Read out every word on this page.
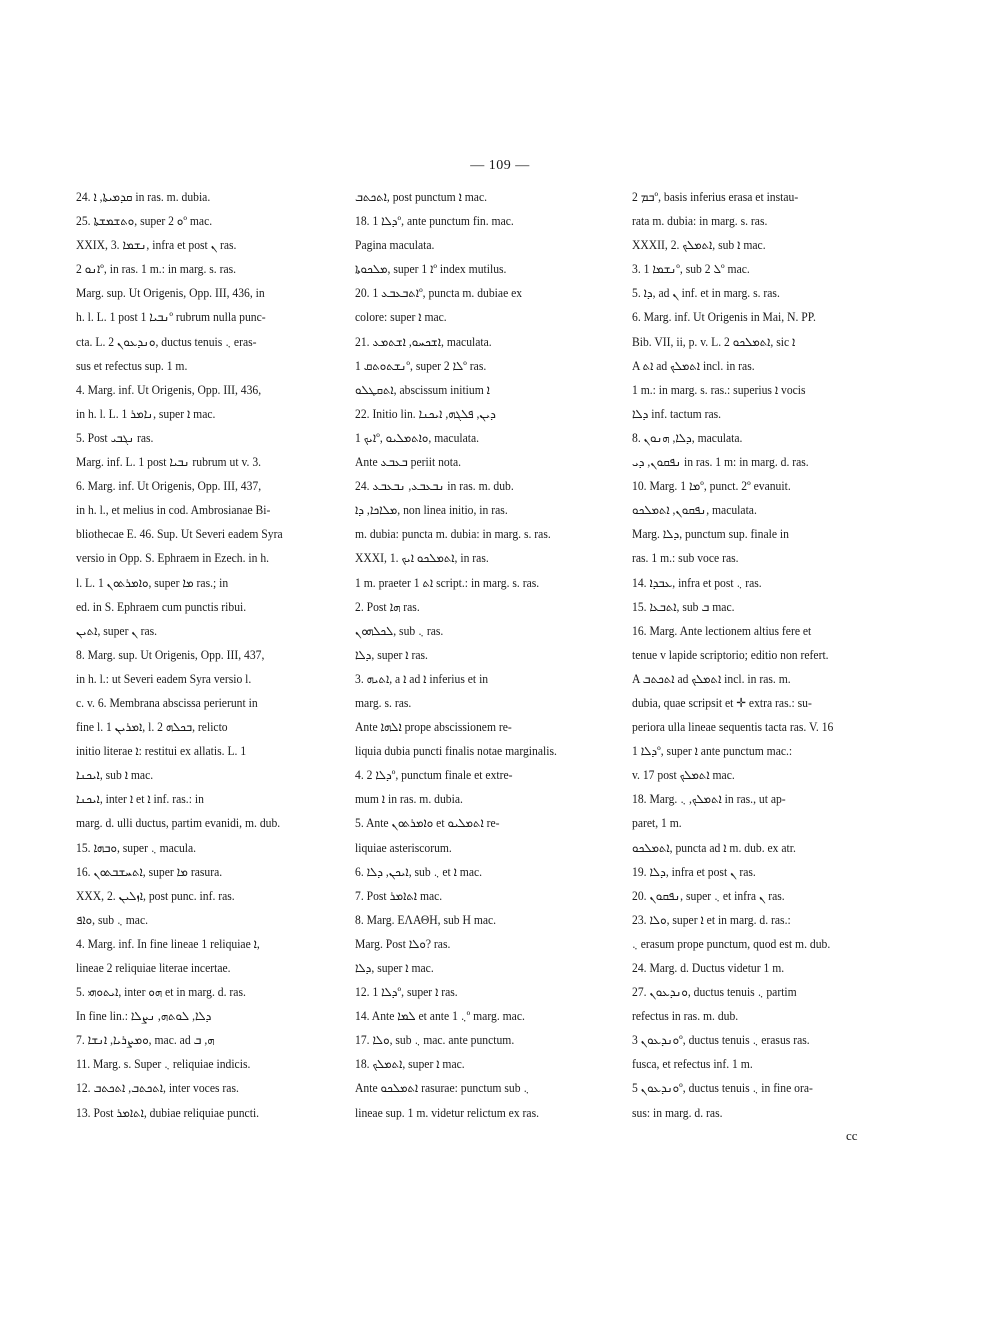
— 109 —
24. ܩܕܡܝܬܐ, ܐ in ras. m. dubia.
25. ܘܬܫܡܫܬܐ, super ܘ 2º mac.
XXIX, 3. ܢܫܡܐ, infra et post ܢ ras.
ܐܢܘ 2º, in ras. 1 m.: in marg. s. ras.
Marg. sup. Ut Origenis, Opp. III, 436, in
h. l. L. 1 post ܢܒܝܐ 1º rubrum nulla punc-
cta. L. 2 ܘܢܕܥܘܢ, ductus tenuis ܆ eras-
sus et refectus sup. 1 m.
4. Marg. inf. Ut Origenis, Opp. III, 436,
in h. l. L. 1 ܢܐܡܪ, super ܐ mac.
5. Post ܢܓܒܝ ras.
Marg. inf. L. 1 post ܢܒܝܐ rubrum ut v. 3.
6. Marg. inf. Ut Origenis, Opp. III, 437,
in h. l., et melius in cod. Ambrosianae Bi-
bliothecae E. 46. Sup. Ut Severi eadem Syra
versio in Opp. S. Ephraem in Ezech. in h.
l. L. 1 ܘܐܡܪܬܘܢ, super ܡܐ ras.; in
ed. in S. Ephraem cum punctis ribui.
ܐܬܝܢ, super ܢ ras.
8. Marg. sup. Ut Origenis, Opp. III, 437,
in h. l.: ut Severi eadem Syra versio l.
c. v. 6. Membrana abscissa perierunt in
fine l. 1 ܐܡܪܝܢ, l. 2 ܒܟܠܗ, relicto
initio literae ܐ: restitui ex allatis. L. 1
ܐܝܟܢܐ, sub ܐ mac.
ܐܝܟܢܐ, inter ܐ et ܐ inf. ras.: in
marg. d. ulli ductus, partim evanidi, m. dub.
15. ܘܒܗܐ, super ܆ macula.
16. ܐܬܚܫܒܬܘܢ, super ܡܐ rasura.
XXX, 2. ܐܙܠܝܢ, post punc. inf. ras.
ܘܐܦ, sub ܆ mac.
4. Marg. inf. In fine lineae 1 reliquiae ܐ,
lineae 2 reliquiae literae incertae.
5. ܐܝܬܘܗܝ, inter ܗܘ et in marg. d. ras.
In fine lin.: ܕܠܐ, ܠܘܬܗ, ܢܨܠܐ
7. ܘܡܨܪܝܐ, ܐܢܫܐ, mac. ad ܗ, ܒ
11. Marg. s. Super ܆ reliquiae indicis.
12. ܐܬܟܬܒ, ܐܬܟܬܒ, inter voces ras.
13. Post ܐܬܐܡܪ, dubiae reliquiae puncti.
ܐܬܟܬܒ, post punctum ܐ mac.
18. ܕܠܐ 1º, ante punctum fin. mac.
Pagina maculata.
ܡܠܟܘܬܐ, super ܐ 1º index mutilus.
20. ܐܬܒܥܒܥ 1º, puncta m. dubiae ex
colore: super ܐ mac.
21. ܐܫܟܚܘ, ܐܫܬܡܥ, maculata.
ܢܫܬܘܬܩ 1º, super ܠܐ 2º ras.
ܐܬܩܛܠܘ, abscissum initium ܐ
22. Initio lin. ܕܝܢ, ܦܠܓܗ, ܐܝܟܢܐ
ܐܝܟ 1º, ܘܐܬܡܠܝܘ, maculata.
Ante ܒܥܒܥ periit nota.
24. ܢܒܥܒܥ, ܢܒܥܒܥ in ras. m. dub.
ܡܠܐܟܐ, ܕܐ, non linea initio, in ras.
m. dubia: puncta m. dubia: in marg. s. ras.
XXXI, 1. ܐܬܡܠܟܘ ܐܝܟ, in ras.
1 m. praeter ܐܬ 1 script.: in marg. s. ras.
2. Post ܗܐ ras.
ܠܟܠܗܘܢ, sub ܆ ras.
ܕܠܐ, super ܐ ras.
3. ܐܬܝܗ, a ܐ ad ܐ inferius et in
marg. s. ras.
Ante ܐܠܗܐ prope abscissionem re-
liquia dubia puncti finalis notae marginalis.
4. ܕܠܐ 2º, punctum finale et extre-
mum ܐ in ras. m. dubia.
5. Ante ܘܐܡܪܬܘܢ et ܐܬܡܠܝܘ re-
liquiae asteriscorum.
6. ܐܝܟܢ, ܕܠܐ, sub ܆ et ܐ mac.
7. Post ܐܬܐܡܪ mac.
8. Marg. ΕΛΑΘΗ, sub Η mac.
Marg. Post ܘܠܐ? ras.
ܕܠܐ, super ܐ mac.
12. ܕܠܐ 1º, super ܐ ras.
14. Ante ܠܡܐ et ante ܆ 1º marg. mac.
17. ܘܠܐ, sub ܆ mac. ante punctum.
18. ܐܬܡܠܟ, super ܐ mac.
Ante ܐܬܡܠܟܘ rasurae: punctum sub ܆
lineae sup. 1 m. videtur relictum ex ras.
ܒܡ 2º, basis inferius erasa et instau-
rata m. dubia: in marg. s. ras.
XXXII, 2. ܐܬܡܠܟ, sub ܐ mac.
3. ܢܫܡܐ 1º, sub ܠ 2º mac.
5. ܕܐ, ad ܢ inf. et in marg. s. ras.
6. Marg. inf. Ut Origenis in Mai, N. PP.
Bib. VII, ii, p. v. L. 2 ܐܬܡܠܟܘ, sic ܐ
A ܐܬ ad ܐܬܡܠܟ incl. in ras.
1 m.: in marg. s. ras.: superius ܐ vocis
ܕܠܐ inf. tactum ras.
8. ܕܠܐ, ܗܢܘܢ, maculata.
ܢܦܩܘܢ, ܕܝ in ras. 1 m: in marg. d. ras.
10. Marg. ܡܐ 1º, punct. 2º evanuit.
ܢܦܩܘܢ, ܐܬܡܠܟܘ, maculata.
Marg. ܕܠܐ, punctum sup. finale in
ras. 1 m.: sub voce ras.
14. ܥܒܕܐ, infra et post ܆ ras.
15. ܐܬܒܥܐ, sub ܒ mac.
16. Marg. Ante lectionem altius fere et
tenue v lapide scriptorio; editio non refert.
A ܐܬܟܬܒ ad ܐܬܡܠܟ incl. in ras. m.
dubia, quae scripsit et ✛ extra ras.: su-
periora ulla lineae sequentis tacta ras. V. 16
ܕܠܐ 1º, super ܐ ante punctum mac.:
v. 17 post ܐܬܡܠܟ mac.
18. Marg. ܐܬܡܠܟ, ܆ in ras., ut ap-
paret, 1 m.
ܐܬܡܠܟܘ, puncta ad ܐ m. dub. ex atr.
19. ܕܠܐ, infra et post ܢ ras.
20. ܢܦܩܘܢ, super ܆ et infra ܢ ras.
23. ܘܠܐ, super ܐ et in marg. d. ras.:
܆ erasum prope punctum, quod est m. dub.
24. Marg. d. Ductus videtur 1 m.
27. ܘܢܕܥܘܢ, ductus tenuis ܆ partim
refectus in ras. m. dub.
ܘܢܕܥܘܢ 3º, ductus tenuis ܆ erasus ras.
fusca, et refectus inf. 1 m.
ܘܢܕܥܘܢ 5º, ductus tenuis ܆ in fine ora-
sus: in marg. d. ras.
cc
